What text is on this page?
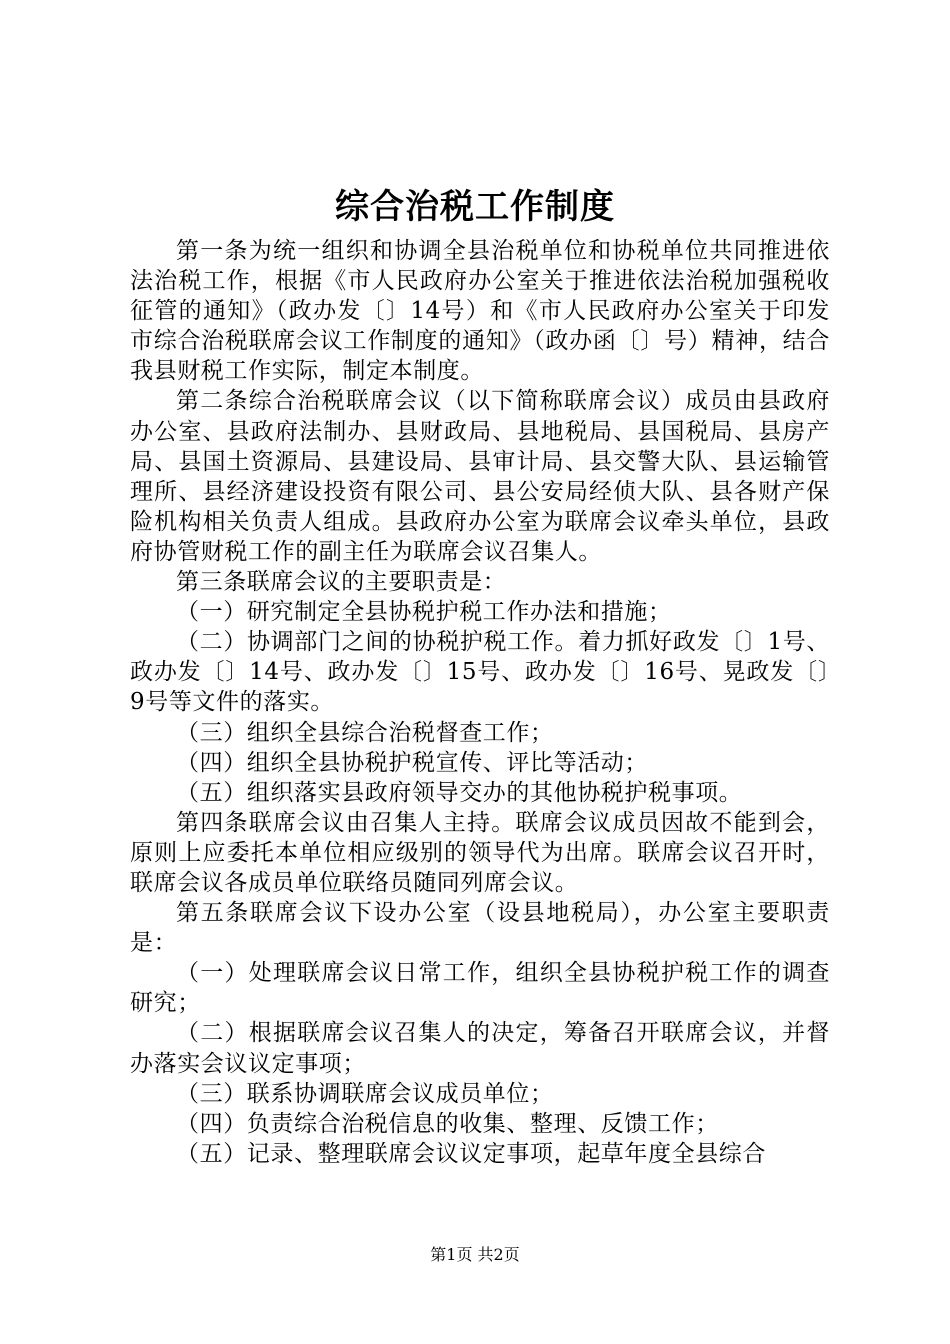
综合治税工作制度

第一条为统一组织和协调全县治税单位和协税单位共同推进依法治税工作，根据《市人民政府办公室关于推进依法治税加强税收征管的通知》（政办发〔〕14号）和《市人民政府办公室关于印发市综合治税联席会议工作制度的通知》（政办函〔〕号）精神，结合我县财税工作实际，制定本制度。

第二条综合治税联席会议（以下简称联席会议）成员由县政府办公室、县政府法制办、县财政局、县地税局、县国税局、县房产局、县国土资源局、县建设局、县审计局、县交警大队、县运输管理所、县经济建设投资有限公司、县公安局经侦大队、县各财产保险机构相关负责人组成。县政府办公室为联席会议牵头单位，县政府协管财税工作的副主任为联席会议召集人。

第三条联席会议的主要职责是：

（一）研究制定全县协税护税工作办法和措施；

（二）协调部门之间的协税护税工作。着力抓好政发〔〕1号、政办发〔〕14号、政办发〔〕15号、政办发〔〕16号、晃政发〔〕9号等文件的落实。

（三）组织全县综合治税督查工作；

（四）组织全县协税护税宣传、评比等活动；

（五）组织落实县政府领导交办的其他协税护税事项。

第四条联席会议由召集人主持。联席会议成员因故不能到会，原则上应委托本单位相应级别的领导代为出席。联席会议召开时，联席会议各成员单位联络员随同列席会议。

第五条联席会议下设办公室（设县地税局），办公室主要职责是：

（一）处理联席会议日常工作，组织全县协税护税工作的调查研究；

（二）根据联席会议召集人的决定，筹备召开联席会议，并督办落实会议议定事项；

（三）联系协调联席会议成员单位；

（四）负责综合治税信息的收集、整理、反馈工作；

（五）记录、整理联席会议议定事项，起草年度全县综合

第1页 共2页
